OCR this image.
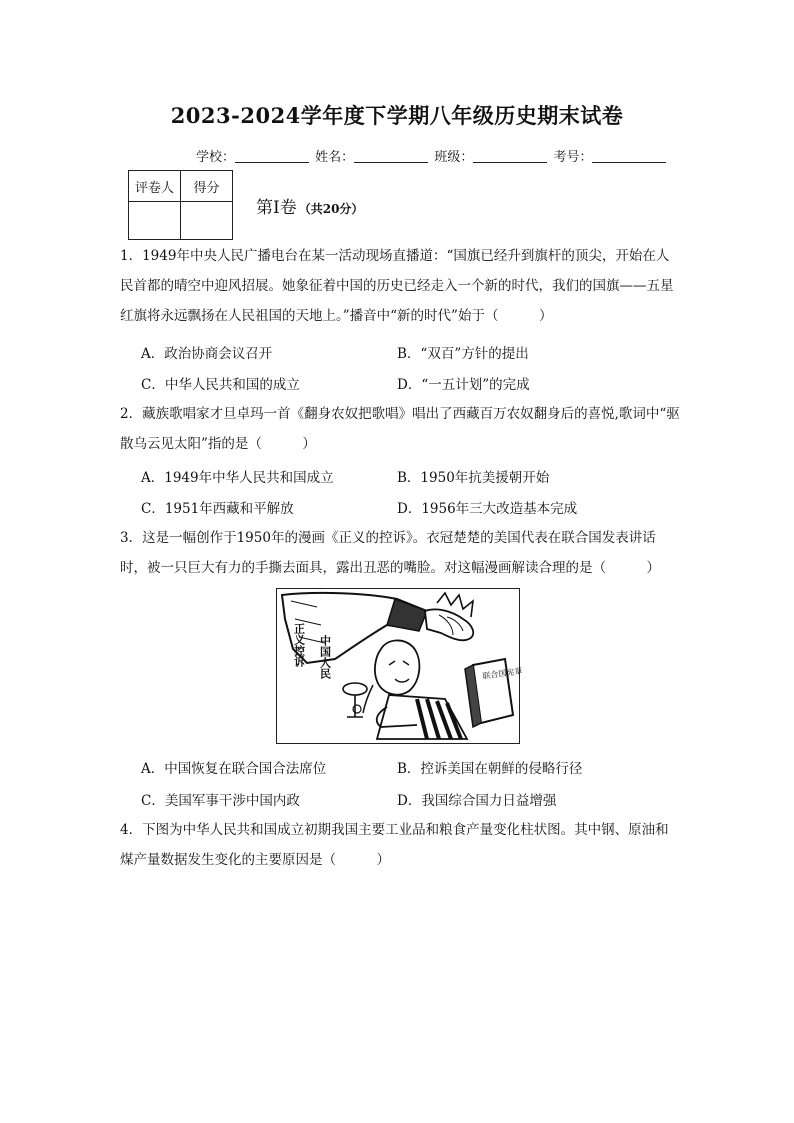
2023-2024学年度下学期八年级历史期末试卷
学校：	姓名：	班级：	考号：
评卷人	得分

第Ⅰ卷 （共20分）
1．1949年中央人民广播电台在某一活动现场直播道：“国旗已经升到旗杆的顶尖，开始在人民首都的晴空中迎风招展。她象征着中国的历史已经走入一个新的时代，我们的国旗——五星红旗将永远飘扬在人民祖国的天地上。”播音中“新的时代”始于（　　　）
A．政治协商会议召开	B．“双百”方针的提出
C．中华人民共和国的成立	D．“一五计划”的完成
2．藏族歌唱家才旦卓玛一首《翻身农奴把歌唱》唱出了西藏百万农奴翻身后的喜悦,歌词中“驱散乌云见太阳”指的是（　　　）
A．1949年中华人民共和国成立	B．1950年抗美援朝开始
C．1951年西藏和平解放	D．1956年三大改造基本完成
3．这是一幅创作于1950年的漫画《正义的控诉》。衣冠楚楚的美国代表在联合国发表讲话时，被一只巨大有力的手撕去面具，露出丑恶的嘴脸。对这幅漫画解读合理的是（　　　）
中国人民
正义控诉
联合国宪章
A．中国恢复在联合国合法席位	B．控诉美国在朝鲜的侵略行径
C．美国军事干涉中国内政	D．我国综合国力日益增强
4．下图为中华人民共和国成立初期我国主要工业品和粮食产量变化柱状图。其中钢、原油和煤产量数据发生变化的主要原因是（　　　）
